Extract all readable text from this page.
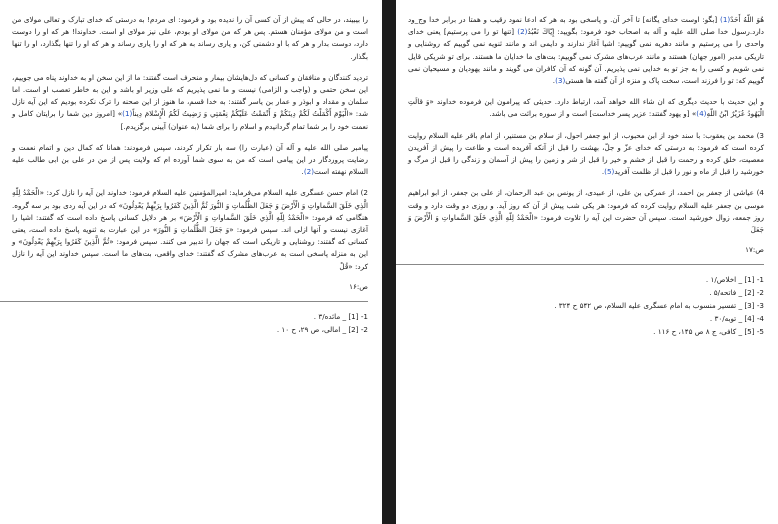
را بیبیند، در حالی که پیش از آن کسی آن را ندیده بود و فرمود: ای مردم! به درستی که خدای تبارک و تعالی مولای من است و من مولای مؤمنان هستم. پس هر که من مولای او بودم، علی نیز مولای او است. خداوندا! هر که او را دوست دارد، دوست بدار و هر که با او دشمنی کن، و یاری رساند به هر که او را یاری رساند و هر که او را تنها بگذارد، او را تنها بگذار.

تردید کنندگان و منافقان و کسانی که دل‌هایشان بیمار و منحرف است گفتند: ما از این سخن او به خداوند پناه می جوییم، این سخن حتمی و (واجب و الزامی) نیست و ما نمی پذیریم که علی وزیر او باشد و این به خاطر تعصب او است. اما سلمان و مقداد و ابوذر و عمار بن یاسر گفتند: به خدا قسم، ما هنوز از این صحنه را ترک نکرده بودیم که این آیه نازل شد: «الْيَوْمَ أَكْمَلْتُ لَكُمْ دِينَكُمْ وَ أَتْمَمْتُ عَلَيْكُمْ نِعْمَتِي وَ رَضِيتُ لَكُمُ الْإِسْلامَ دِيناً(1)» [امروز دین شما را برایتان کامل و نعمت خود را بر شما تمام گردانیدم و اسلام را برای شما (به عنوان) آیینی برگزیدم.]

پیامبر صلی الله علیه و آله آن (عبارت را) سه بار تکرار کردند، سپس فرمودند: همانا که کمال دین و اتمام نعمت و رضایت پروردگار در این پیامی است که من به سوی شما آورده ام که ولایت پس از من در علی بن ابی طالب علیه السلام نهفته است(2).

2) امام حسن عسگری علیه السلام می‌فرماید: امیرالمؤمنین علیه السلام فرمود: خداوند این آیه را نازل کرد: «الْحَمْدُ لِلّهِ الَّذِي خَلَقَ السَّماواتِ وَ الْأَرْضَ وَ جَعَلَ الظُّلُماتِ وَ النُّورَ ثُمَّ الَّذِينَ كَفَرُوا بِرَبِّهِمْ يَعْدِلُونَ» که در این آیه ردی بود بر سه گروه. هنگامی که فرمود: «الْحَمْدُ لِلّهِ الَّذِي خَلَقَ السَّماواتِ وَ الْأَرْضَ» بر هر دلایل کسانی پاسخ داده است که گفتند: اشیا را آغازی نیست و آنها ازلی اند. سپس فرمود: «وَ جَعَلَ الظُّلُماتِ وَ النُّورَ» در این عبارت به ثنویه پاسخ داده است، یعنی کسانی که گفتند: روشنایی و تاریکی است که جهان را تدبیر می کنند. سپس فرمود: «ثُمَّ الَّذِينَ كَفَرُوا بِرَبِّهِمْ يَعْدِلُونَ» و این به منزله پاسخی است به عرب‌های مشرک که گفتند: خدای واقعی، بت‌های ما است. سپس خداوند این آیه را نازل کرد: «قُلْ

ص:۱۶
1- [1] _ مائده/۳ .
2- [2] _ امالی، ص ۲۹، ح ۱۰ .

هُوَ اللّهُ أَحَدٌ(1) [بگو: اوست خدای یگانه] تا آخر آن. و پاسخی بود به هر که ادعا نمود رقیب و همتا در برابر خدا وج_ود دارد.رسول خدا صلی الله علیه و آله به اصحاب خود فرمود: بگویید: إِيّاكَ نَعْبُدُ(2) [تنها تو را می پرستیم] یعنی خدای واحدی را می پرستیم و مانند دهریه نمی گوییم: اشیا آغاز ندارند و دایمی اند و مانند ثنویه نمی گوییم که روشنایی و تاریکی مدبر (امور جهان) هستند و مانند عرب‌های مشرک نمی گوییم: بت‌های ما خدایان ما هستند. برای تو شریکی قایل نمی شویم و کسی را به جز تو به خدایی نمی پذیریم. آن گونه که آن کافران می گویند و مانند یهودیان و مسیحیان نمی گوییم که: تو را فرزند است، سخت پاک و منزه از آن گفته ها هستی(3).

و این حدیث با حدیث دیگری که ان شاء الله خواهد آمد، ارتباط دارد. حدیثی که پیرامون این فرموده خداوند «وَ قالَتِ الْيَهُودُ عُزَيْرٌ ابْنُ اللّهِ(4)» [و یهود گفتند: عزیر پسر خداست] است و از سوره برائت می باشد.

3) محمد بن یعقوب: با سند خود از ابن محبوب، از ابو جعفر احول، از سلام بن مستنیر، از امام باقر علیه السلام روایت کرده است که فرمود: به درستی که خدای عزّ و جلّ، بهشت را قبل از آنکه آفریده است و طاعت را پیش از آفریدن معصیت، خلق کرده و رحمت را قبل از خشم و خیر را قبل از شر و زمین را پیش از آسمان و زندگی را قبل از مرگ و خورشید را قبل از ماه و نور را قبل از ظلمت آفرید(5).

4) عیاشی از جعفر بن احمد، از عمرکی بن علی، از عبیدی، از یونس بن عبد الرحمان، از علی بن جعفر، از ابو ابراهیم موسی بن جعفر علیه السلام روایت کرده که فرمود: هر یکی شب پیش از آن که روز آید. و روزی دو وقت دارد و وقت روز جمعه، زوال خورشید است. سپس آن حضرت این آیه را تلاوت فرمود: «الْحَمْدُ لِلّهِ الَّذِي خَلَقَ السَّماواتِ وَ الْأَرْضَ وَ جَعَلَ

ص:۱۷
1- [1] _ اخلاص/۱ .
2- [2] _ فاتحه/۵ .
3- [3] _ تفسیر منسوب به امام عسگری علیه السلام، ص ۵۴۲ ح ۳۲۴ .
4- [4] _ توبه/۳۰ .
5- [5] _ کافی، ج ۸ ص ۱۴۵، ح ۱۱۶ .
